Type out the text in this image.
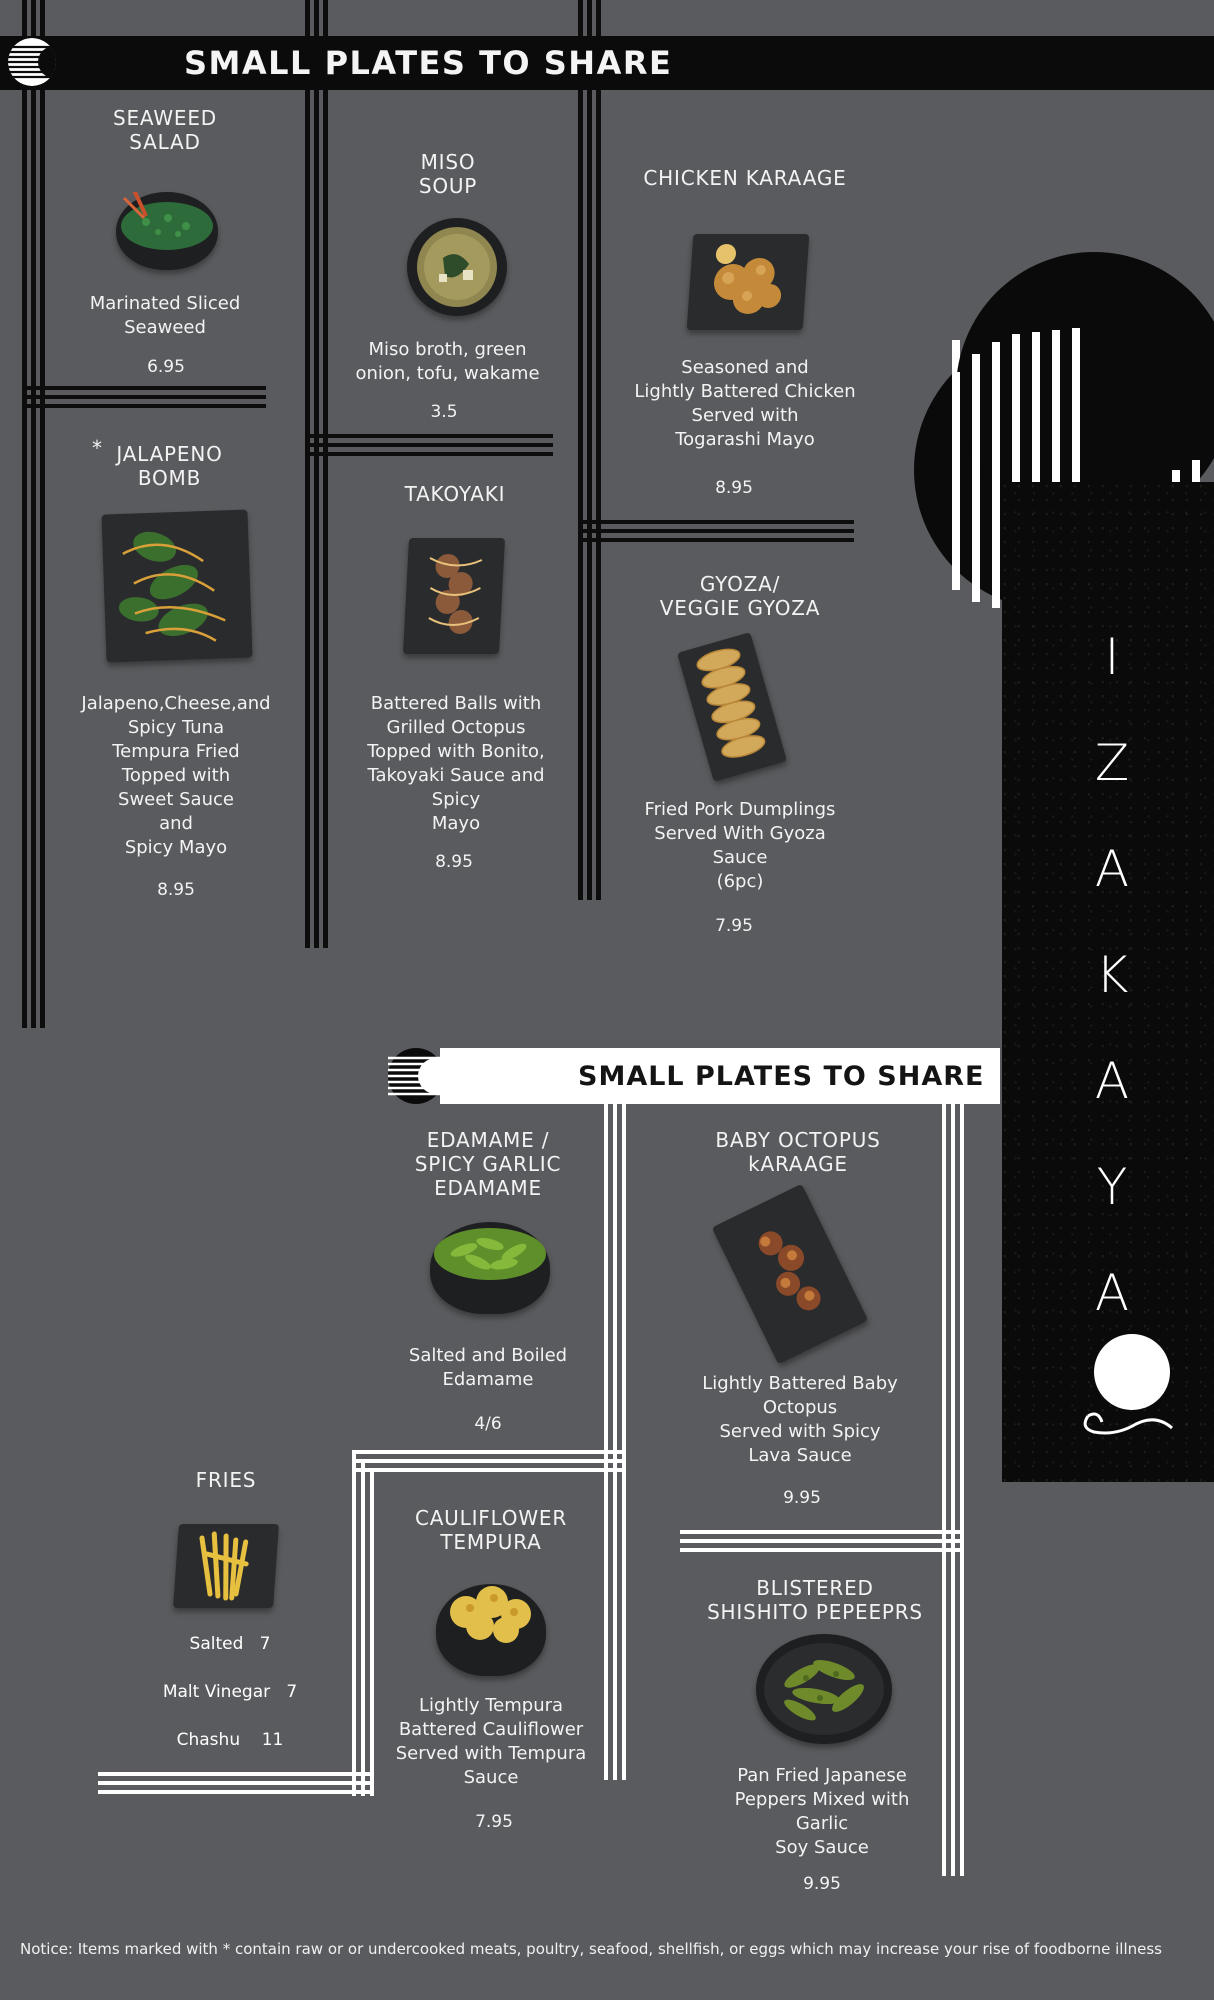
SMALL PLATES TO SHARE
SEAWEED
SALAD
Marinated Sliced
Seaweed
6.95
MISO
SOUP
Miso broth, green
onion, tofu, wakame
3.5
CHICKEN KARAAGE
Seasoned and
Lightly Battered Chicken
Served with
Togarashi Mayo
8.95
* JALAPENO
BOMB
Jalapeno,Cheese,and
Spicy Tuna
Tempura Fried
Topped with
Sweet Sauce
and
Spicy Mayo
8.95
TAKOYAKI
Battered Balls with
Grilled Octopus
Topped with Bonito,
Takoyaki Sauce and
Spicy
Mayo
8.95
GYOZA/
VEGGIE GYOZA
Fried Pork Dumplings
Served With Gyoza
Sauce
(6pc)
7.95
I
Z
A
K
A
Y
A
SMALL PLATES TO SHARE
EDAMAME /
SPICY GARLIC
EDAMAME
Salted and Boiled
Edamame
4/6
BABY OCTOPUS
kARAAGE
Lightly Battered Baby
Octopus
Served with Spicy
Lava Sauce
9.95
FRIES
Salted 7
Malt Vinegar 7
Chashu 11
CAULIFLOWER
TEMPURA
Lightly Tempura
Battered Cauliflower
Served with Tempura
Sauce
7.95
BLISTERED
SHISHITO PEPEEPRS
Pan Fried Japanese
Peppers Mixed with
Garlic
Soy Sauce
9.95
Notice: Items marked with * contain raw or or undercooked meats, poultry, seafood, shellfish, or eggs which may increase your rise of foodborne illness
